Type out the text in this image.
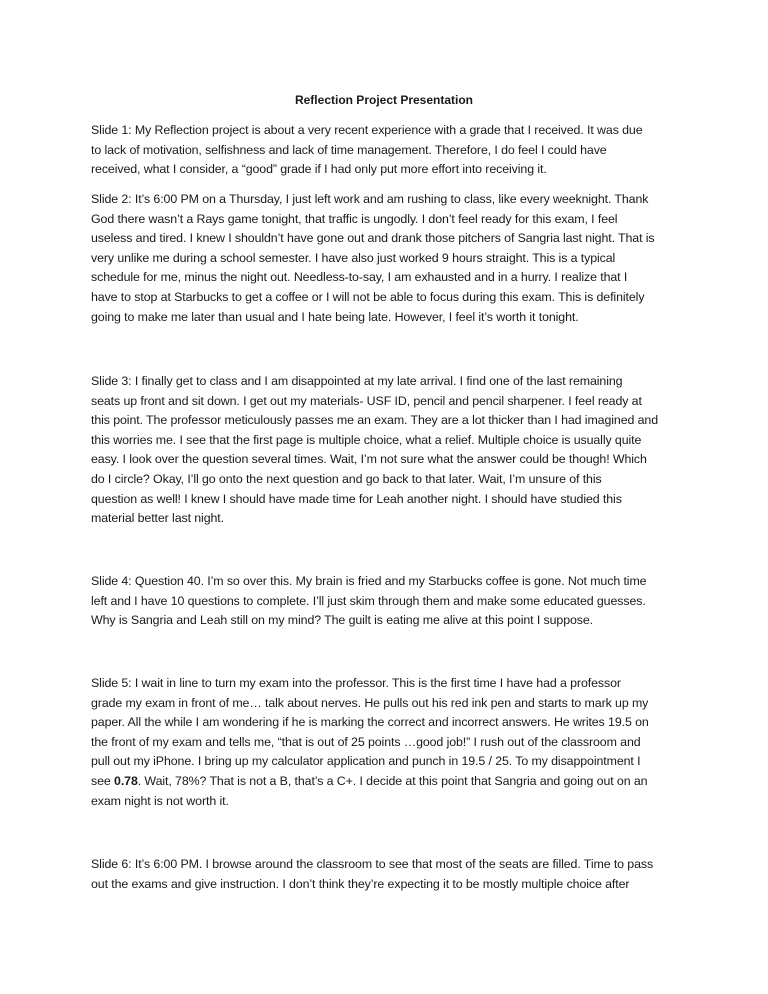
Reflection Project Presentation

Slide 1: My Reflection project is about a very recent experience with a grade that I received. It was due
to lack of motivation, selfishness and lack of time management. Therefore, I do feel I could have
received, what I consider, a “good” grade if I had only put more effort into receiving it.

Slide 2: It’s 6:00 PM on a Thursday, I just left work and am rushing to class, like every weeknight. Thank
God there wasn’t a Rays game tonight, that traffic is ungodly. I don’t feel ready for this exam, I feel
useless and tired. I knew I shouldn’t have gone out and drank those pitchers of Sangria last night. That is
very unlike me during a school semester. I have also just worked 9 hours straight. This is a typical
schedule for me, minus the night out. Needless-to-say, I am exhausted and in a hurry. I realize that I
have to stop at Starbucks to get a coffee or I will not be able to focus during this exam. This is definitely
going to make me later than usual and I hate being late. However, I feel it’s worth it tonight.

Slide 3: I finally get to class and I am disappointed at my late arrival. I find one of the last remaining
seats up front and sit down. I get out my materials- USF ID, pencil and pencil sharpener. I feel ready at
this point. The professor meticulously passes me an exam. They are a lot thicker than I had imagined and
this worries me. I see that the first page is multiple choice, what a relief. Multiple choice is usually quite
easy. I look over the question several times. Wait, I’m not sure what the answer could be though! Which
do I circle? Okay, I’ll go onto the next question and go back to that later. Wait, I’m unsure of this
question as well! I knew I should have made time for Leah another night. I should have studied this
material better last night.

Slide 4: Question 40. I’m so over this. My brain is fried and my Starbucks coffee is gone. Not much time
left and I have 10 questions to complete. I’ll just skim through them and make some educated guesses.
Why is Sangria and Leah still on my mind? The guilt is eating me alive at this point I suppose.

Slide 5: I wait in line to turn my exam into the professor. This is the first time I have had a professor
grade my exam in front of me… talk about nerves. He pulls out his red ink pen and starts to mark up my
paper. All the while I am wondering if he is marking the correct and incorrect answers. He writes 19.5 on
the front of my exam and tells me, “that is out of 25 points …good job!” I rush out of the classroom and
pull out my iPhone. I bring up my calculator application and punch in 19.5 / 25. To my disappointment I
see 0.78. Wait, 78%? That is not a B, that’s a C+. I decide at this point that Sangria and going out on an
exam night is not worth it.

Slide 6: It’s 6:00 PM. I browse around the classroom to see that most of the seats are filled. Time to pass
out the exams and give instruction. I don’t think they’re expecting it to be mostly multiple choice after
